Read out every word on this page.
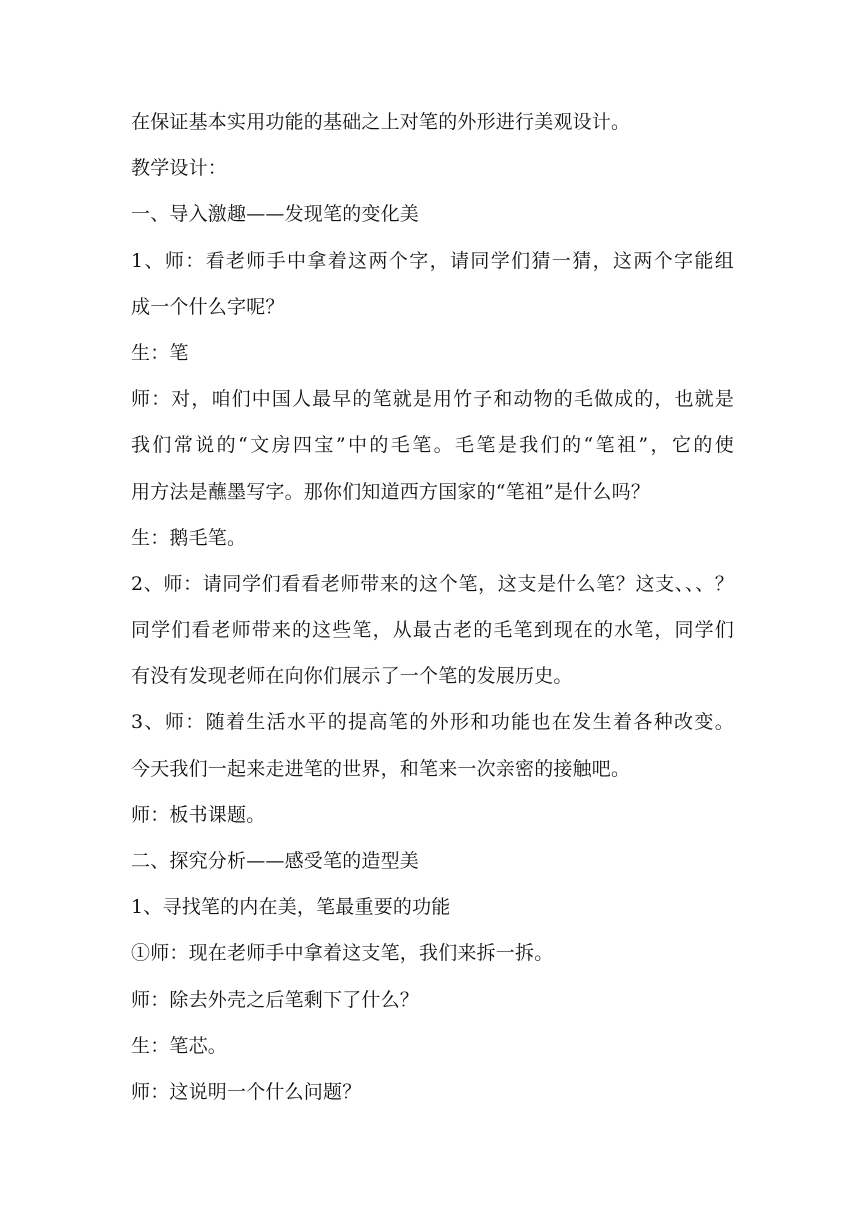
在保证基本实用功能的基础之上对笔的外形进行美观设计。
教学设计：
一、导入激趣——发现笔的变化美
1、师：看老师手中拿着这两个字，请同学们猜一猜，这两个字能组
成一个什么字呢？
生：笔
师：对，咱们中国人最早的笔就是用竹子和动物的毛做成的，也就是
我们常说的“文房四宝”中的毛笔。毛笔是我们的“笔祖”，它的使
用方法是蘸墨写字。那你们知道西方国家的“笔祖”是什么吗？
生：鹅毛笔。
2、师：请同学们看看老师带来的这个笔，这支是什么笔？这支、、、？
同学们看老师带来的这些笔，从最古老的毛笔到现在的水笔，同学们
有没有发现老师在向你们展示了一个笔的发展历史。
3、师：随着生活水平的提高笔的外形和功能也在发生着各种改变。
今天我们一起来走进笔的世界，和笔来一次亲密的接触吧。
师：板书课题。
二、探究分析——感受笔的造型美
1、寻找笔的内在美，笔最重要的功能
①师：现在老师手中拿着这支笔，我们来拆一拆。
师：除去外壳之后笔剩下了什么？
生：笔芯。
师：这说明一个什么问题？
